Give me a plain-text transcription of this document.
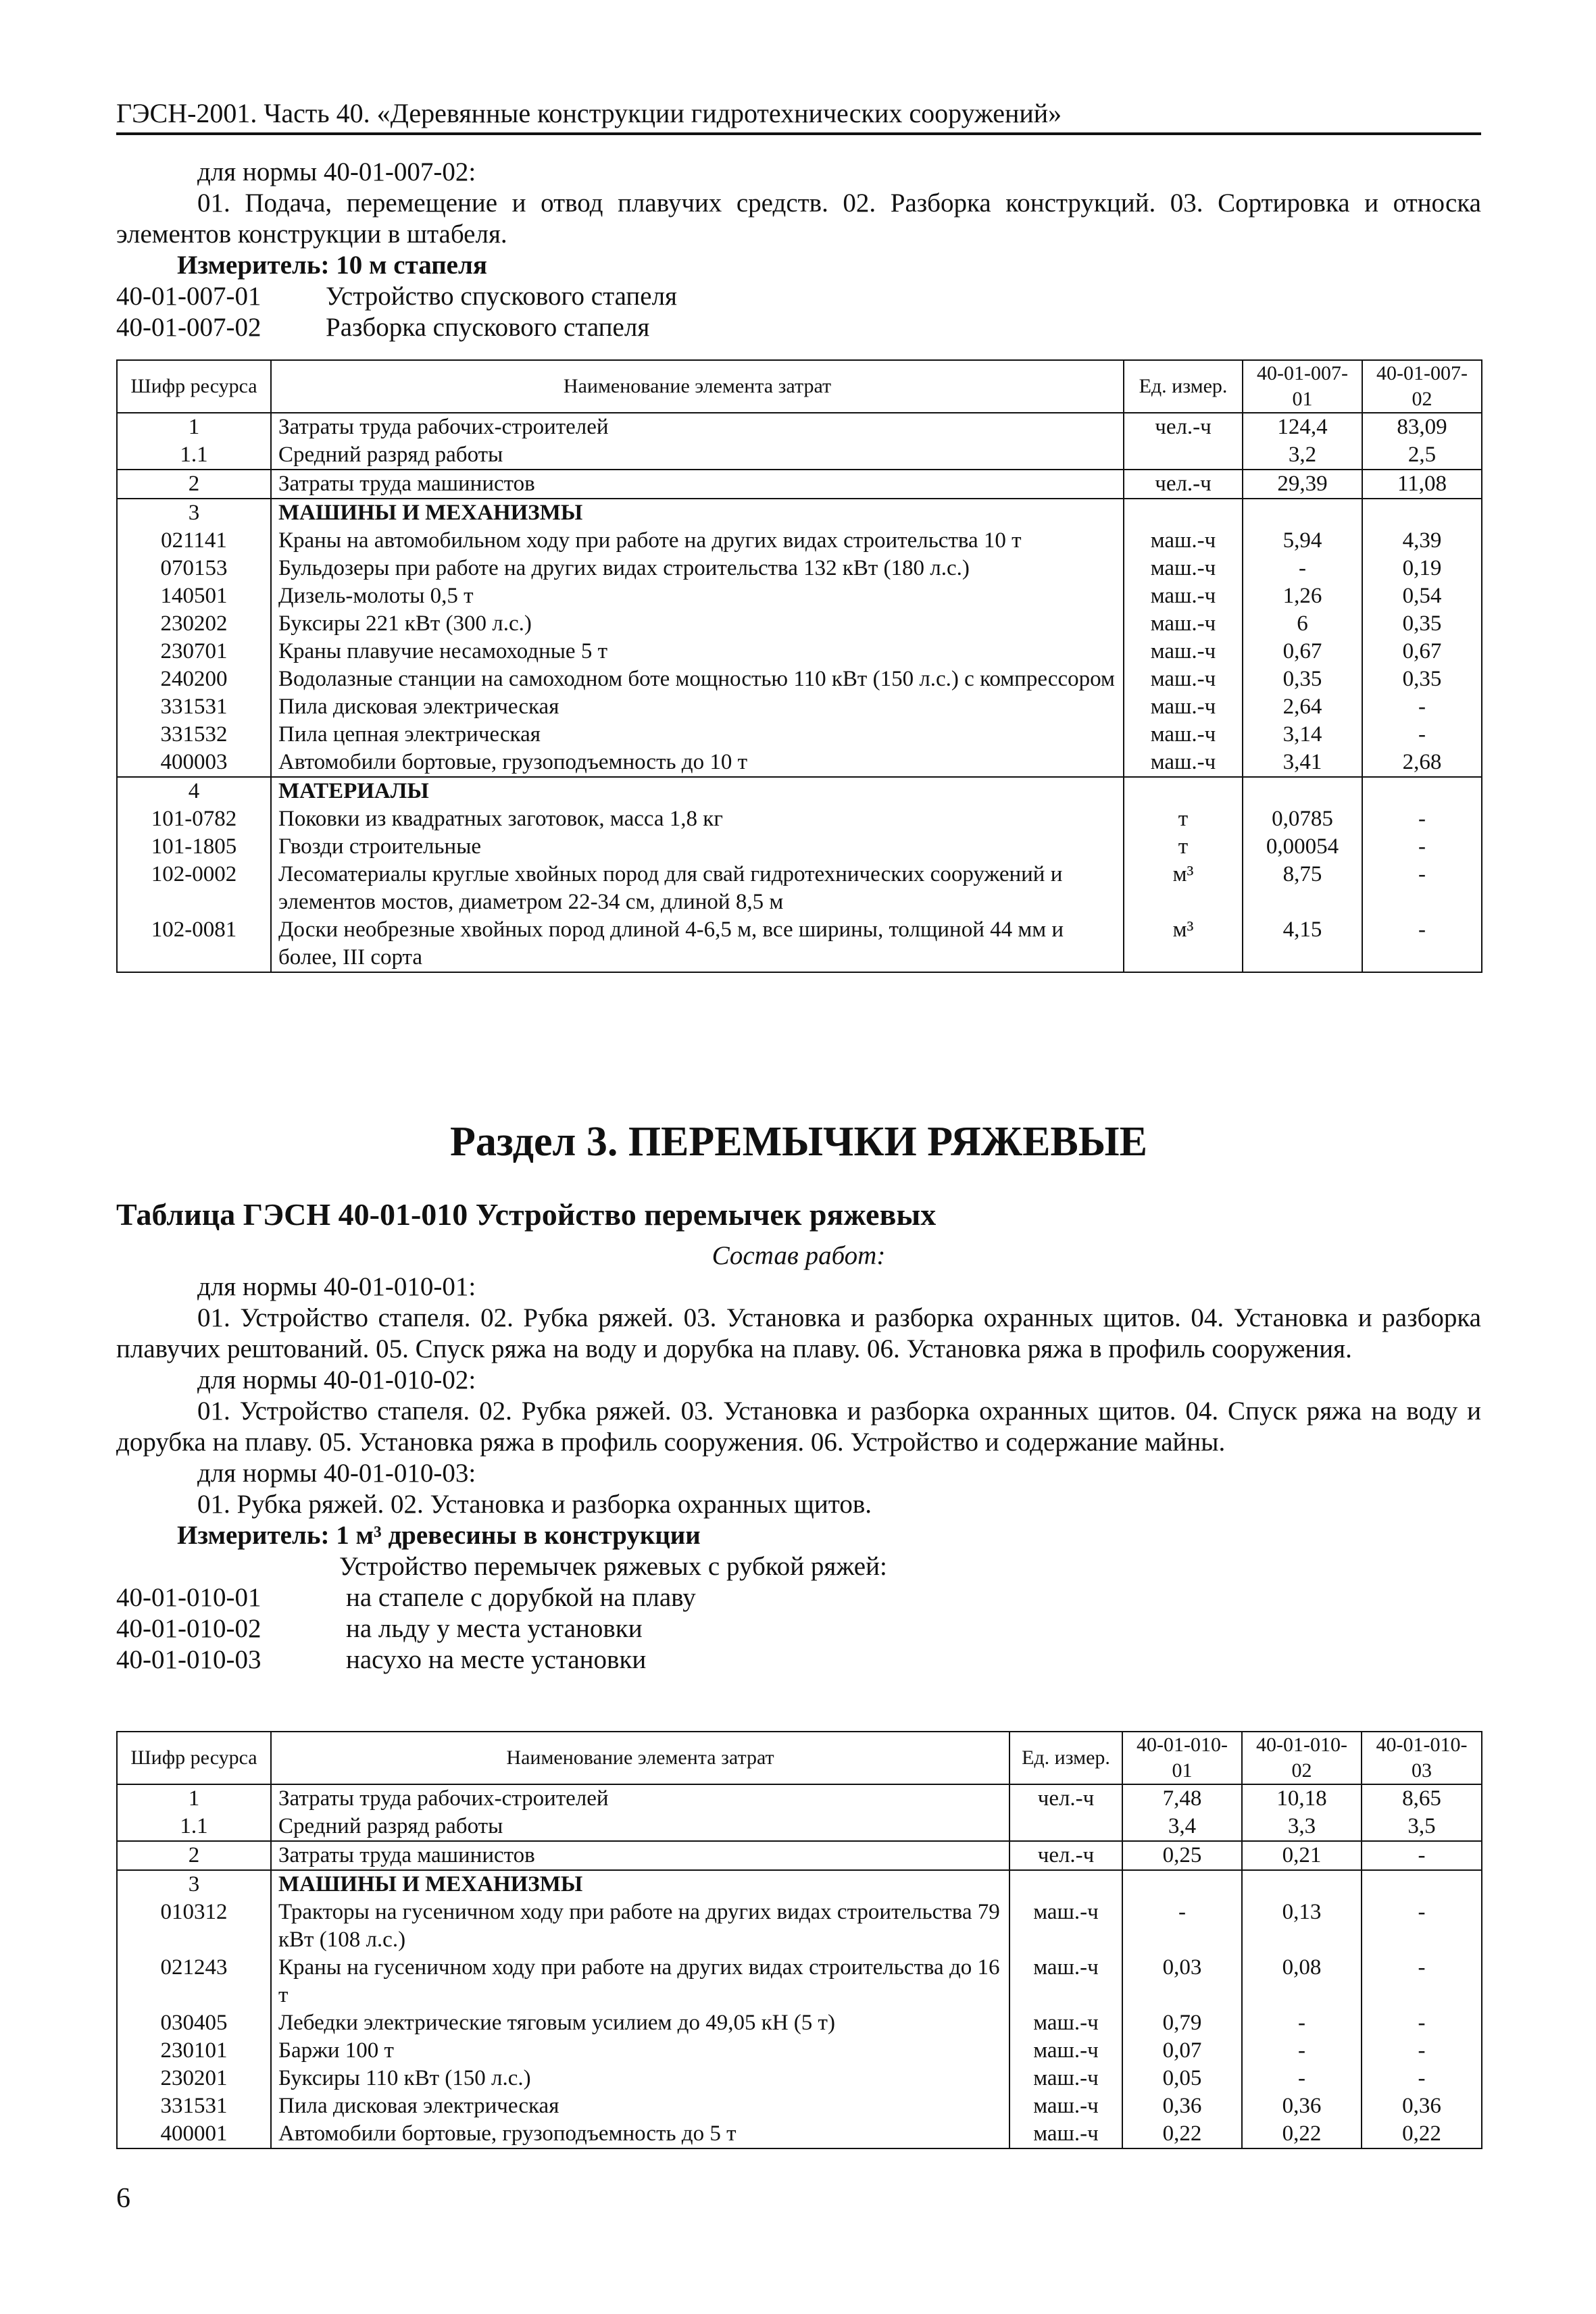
ГЭСН-2001. Часть 40. «Деревянные конструкции гидротехнических сооружений»
для нормы 40-01-007-02:
01. Подача, перемещение и отвод плавучих средств. 02. Разборка конструкций. 03. Сортировка и относка элементов конструкции в штабеля.
Измеритель: 10 м стапеля
40-01-007-01	Устройство спускового стапеля
40-01-007-02	Разборка спускового стапеля
Шифр ресурса	Наименование элемента затрат	Ед. измер.	40-01-007-01	40-01-007-02
1	Затраты труда рабочих-строителей	чел.-ч	124,4	83,09
1.1	Средний разряд работы		3,2	2,5
2	Затраты труда машинистов	чел.-ч	29,39	11,08
3	МАШИНЫ И МЕХАНИЗМЫ			
021141	Краны на автомобильном ходу при работе на других видах строительства 10 т	маш.-ч	5,94	4,39
070153	Бульдозеры при работе на других видах строительства 132 кВт (180 л.с.)	маш.-ч	-	0,19
140501	Дизель-молоты 0,5 т	маш.-ч	1,26	0,54
230202	Буксиры 221 кВт (300 л.с.)	маш.-ч	6	0,35
230701	Краны плавучие несамоходные 5 т	маш.-ч	0,67	0,67
240200	Водолазные станции на самоходном боте мощностью 110 кВт (150 л.с.) с компрессором	маш.-ч	0,35	0,35
331531	Пила дисковая электрическая	маш.-ч	2,64	-
331532	Пила цепная электрическая	маш.-ч	3,14	-
400003	Автомобили бортовые, грузоподъемность до 10 т	маш.-ч	3,41	2,68
4	МАТЕРИАЛЫ			
101-0782	Поковки из квадратных заготовок, масса 1,8 кг	т	0,0785	-
101-1805	Гвозди строительные	т	0,00054	-
102-0002	Лесоматериалы круглые хвойных пород для свай гидротехнических сооружений и элементов мостов, диаметром 22-34 см, длиной 8,5 м	м³	8,75	-
102-0081	Доски необрезные хвойных пород длиной 4-6,5 м, все ширины, толщиной 44 мм и более, III сорта	м³	4,15	-
Раздел 3. ПЕРЕМЫЧКИ РЯЖЕВЫЕ
Таблица ГЭСН 40-01-010 Устройство перемычек ряжевых
Состав работ:
для нормы 40-01-010-01:
01. Устройство стапеля. 02. Рубка ряжей. 03. Установка и разборка охранных щитов. 04. Установка и разборка плавучих рештований. 05. Спуск ряжа на воду и дорубка на плаву. 06. Установка ряжа в профиль сооружения.
для нормы 40-01-010-02:
01. Устройство стапеля. 02. Рубка ряжей. 03. Установка и разборка охранных щитов. 04. Спуск ряжа на воду и дорубка на плаву. 05. Установка ряжа в профиль сооружения. 06. Устройство и содержание майны.
для нормы 40-01-010-03:
01. Рубка ряжей. 02. Установка и разборка охранных щитов.
Измеритель: 1 м³ древесины в конструкции
Устройство перемычек ряжевых с рубкой ряжей:
40-01-010-01	на стапеле с дорубкой на плаву
40-01-010-02	на льду у места установки
40-01-010-03	насухо на месте установки
Шифр ресурса	Наименование элемента затрат	Ед. измер.	40-01-010-01	40-01-010-02	40-01-010-03
1	Затраты труда рабочих-строителей	чел.-ч	7,48	10,18	8,65
1.1	Средний разряд работы		3,4	3,3	3,5
2	Затраты труда машинистов	чел.-ч	0,25	0,21	-
3	МАШИНЫ И МЕХАНИЗМЫ				
010312	Тракторы на гусеничном ходу при работе на других видах строительства 79 кВт (108 л.с.)	маш.-ч	-	0,13	-
021243	Краны на гусеничном ходу при работе на других видах строительства до 16 т	маш.-ч	0,03	0,08	-
030405	Лебедки электрические тяговым усилием до 49,05 кН (5 т)	маш.-ч	0,79	-	-
230101	Баржи 100 т	маш.-ч	0,07	-	-
230201	Буксиры 110 кВт (150 л.с.)	маш.-ч	0,05	-	-
331531	Пила дисковая электрическая	маш.-ч	0,36	0,36	0,36
400001	Автомобили бортовые, грузоподъемность до 5 т	маш.-ч	0,22	0,22	0,22
6
